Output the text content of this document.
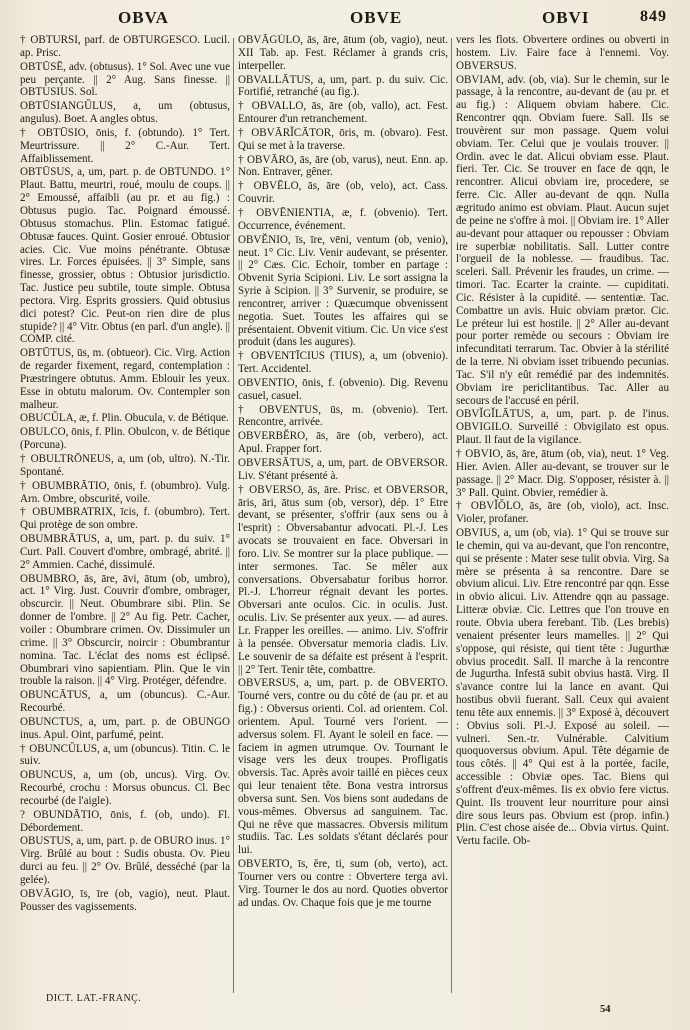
OBVA	OBVE	OBVI	849
† OBTURSI, parf. de OBTURGESCO. Lucil. ap. Prisc.
OBTŪSĒ, adv. (obtusus). 1° Sol. Avec une vue peu perçante. || 2° Aug. Sans finesse. || OBTUSIUS. Sol.
OBTŪSIANGŬLUS, a, um (obtusus, angulus). Boet. A angles obtus.
† OBTŪSIO, ōnis, f. (obtundo). 1° Tert. Meurtrissure. || 2° C.-Aur. Tert. Affaiblissement.
OBTŪSUS, a, um, part. p. de OBTUNDO. 1° Plaut. Battu, meurtri, roué, moulu de coups. || 2° Emoussé, affaibli (au pr. et au fig.) : Obtusus pugio. Tac. Poignard émoussé. Obtusus stomachus. Plin. Estomac fatigué. Obtusæ fauces. Quint. Gosier enroué. Obtusior acies. Cic. Vue moins pénétrante. Obtusæ vires. Lr. Forces épuisées. || 3° Simple, sans finesse, grossier, obtus : Obtusior jurisdictio. Tac. Justice peu subtile, toute simple. Obtusa pectora. Virg. Esprits grossiers. Quid obtusius dici potest? Cic. Peut-on rien dire de plus stupide? || 4° Vitr. Obtus (en parl. d'un angle). || COMP. cité.
OBTŪTUS, ūs, m. (obtueor). Cic. Virg. Action de regarder fixement, regard, contemplation : Præstringere obtutus. Amm. Eblouir les yeux. Esse in obtutu malorum. Ov. Contempler son malheur.
OBUCŬLA, æ, f. Plin. Obucula, v. de Bétique.
OBULCO, ōnis, f. Plin. Obulcon, v. de Bétique (Porcuna).
† OBULTRŌNEUS, a, um (ob, ultro). N.-Tir. Spontané.
† OBUMBRĀTIO, ōnis, f. (obumbro). Vulg. Arn. Ombre, obscurité, voile.
† OBUMBRATRIX, īcis, f. (obumbro). Tert. Qui protège de son ombre.
OBUMBRĀTUS, a, um, part. p. du suiv. 1° Curt. Pall. Couvert d'ombre, ombragé, abrité. || 2° Ammien. Caché, dissimulé.
OBUMBRO, ās, āre, āvi, ātum (ob, umbro), act. 1° Virg. Just. Couvrir d'ombre, ombrager, obscurcir. || Neut. Obumbrare sibi. Plin. Se donner de l'ombre. || 2° Au fig. Petr. Cacher, voiler : Obumbrare crimen. Ov. Dissimuler un crime. || 3° Obscurcir, noircir : Obumbrantur nomina. Tac. L'éclat des noms est éclipsé. Obumbrari vino sapientiam. Plin. Que le vin trouble la raison. || 4° Virg. Protéger, défendre.
OBUNCĀTUS, a, um (obuncus). C.-Aur. Recourbé.
OBUNCTUS, a, um, part. p. de OBUNGO inus. Apul. Oint, parfumé, peint.
† OBUNCŬLUS, a, um (obuncus). Titin. C. le suiv.
OBUNCUS, a, um (ob, uncus). Virg. Ov. Recourbé, crochu : Morsus obuncus. Cl. Bec recourbé (de l'aigle).
? OBUNDĀTIO, ōnis, f. (ob, undo). Fl. Débordement.
OBUSTUS, a, um, part. p. de OBURO inus. 1° Virg. Brûlé au bout : Sudis obusta. Ov. Pieu durci au feu. || 2° Ov. Brûlé, desséché (par la gelée).
OBVĀGIO, īs, īre (ob, vagio), neut. Plaut. Pousser des vagissements.
OBVĀGŬLO, ās, āre, ātum (ob, vagio), neut. XII Tab. ap. Fest. Réclamer à grands cris, interpeller.
OBVALLĀTUS, a, um, part. p. du suiv. Cic. Fortifié, retranché (au fig.).
† OBVALLO, ās, āre (ob, vallo), act. Fest. Entourer d'un retranchement.
† OBVĀRĬCĀTOR, ōris, m. (obvaro). Fest. Qui se met à la traverse.
† OBVĀRO, ās, āre (ob, varus), neut. Enn. ap. Non. Entraver, gêner.
† OBVĒLO, ās, āre (ob, velo), act. Cass. Couvrir.
† OBVĒNIENTIA, æ, f. (obvenio). Tert. Occurrence, événement.
OBVĔNIO, īs, īre, vēni, ventum (ob, venio), neut. 1° Cic. Liv. Venir audevant, se présenter. || 2° Cæs. Cic. Echoir, tomber en partage : Obvenit Syria Scipioni. Liv. Le sort assigna la Syrie à Scipion. || 3° Survenir, se produire, se rencontrer, arriver : Quæcumque obvenissent negotia. Suet. Toutes les affaires qui se présentaient. Obvenit vitium. Cic. Un vice s'est produit (dans les augures).
† OBVENTĪCIUS (TIUS), a, um (obvenio). Tert. Accidentel.
OBVENTIO, ōnis, f. (obvenio). Dig. Revenu casuel, casuel.
† OBVENTUS, ūs, m. (obvenio). Tert. Rencontre, arrivée.
OBVERBĔRO, ās, āre (ob, verbero), act. Apul. Frapper fort.
OBVERSĀTUS, a, um, part. de OBVERSOR. Liv. S'étant présenté à.
† OBVERSO, ās, āre. Prisc. et OBVERSOR, āris, āri, ātus sum (ob, versor), dép. 1° Etre devant, se présenter, s'offrir (aux sens ou à l'esprit) : Obversabantur advocati. Pl.-J. Les avocats se trouvaient en face. Obversari in foro. Liv. Se montrer sur la place publique. — inter sermones. Tac. Se mêler aux conversations. Obversabatur foribus horror. Pl.-J. L'horreur régnait devant les portes. Obversari ante oculos. Cic. in oculis. Just. oculis. Liv. Se présenter aux yeux. — ad aures. Lr. Frapper les oreilles. — animo. Liv. S'offrir à la pensée. Obversatur memoria cladis. Liv. Le souvenir de sa défaite est présent à l'esprit. || 2° Tert. Tenir tête, combattre.
OBVERSUS, a, um, part. p. de OBVERTO. Tourné vers, contre ou du côté de (au pr. et au fig.) : Obversus orienti. Col. ad orientem. Col. orientem. Apul. Tourné vers l'orient. — adversus solem. Fl. Ayant le soleil en face. — faciem in agmen utrumque. Ov. Tournant le visage vers les deux troupes. Profligatis obversis. Tac. Après avoir taillé en pièces ceux qui leur tenaient tête. Bona vestra introrsus obversa sunt. Sen. Vos biens sont audedans de vous-mêmes. Obversus ad sanguinem. Tac. Qui ne rêve que massacres. Obversis militum studiis. Tac. Les soldats s'étant déclarés pour lui.
OBVERTO, īs, ĕre, ti, sum (ob, verto), act. Tourner vers ou contre : Obvertere terga avi. Virg. Tourner le dos au nord. Quoties obvertor ad undas. Ov. Chaque fois que je me tourne
vers les flots. Obvertere ordines ou obverti in hostem. Liv. Faire face à l'ennemi. Voy. OBVERSUS.
OBVIAM, adv. (ob, via). Sur le chemin, sur le passage, à la rencontre, au-devant de (au pr. et au fig.) : Aliquem obviam habere. Cic. Rencontrer qqn. Obviam fuere. Sall. Ils se trouvèrent sur mon passage. Quem volui obviam. Ter. Celui que je voulais trouver. || Ordin. avec le dat. Alicui obviam esse. Plaut. fieri. Ter. Cic. Se trouver en face de qqn, le rencontrer. Alicui obviam ire, procedere, se ferre. Cic. Aller au-devant de qqn. Nulla ægritudo animo est obviam. Plaut. Aucun sujet de peine ne s'offre à moi. || Obviam ire. 1° Aller au-devant pour attaquer ou repousser : Obviam ire superbiæ nobilitatis. Sall. Lutter contre l'orgueil de la noblesse. — fraudibus. Tac. sceleri. Sall. Prévenir les fraudes, un crime. — timori. Tac. Ecarter la crainte. — cupiditati. Cic. Résister à la cupidité. — sententiæ. Tac. Combattre un avis. Huic obviam prætor. Cic. Le préteur lui est hostile. || 2° Aller au-devant pour porter remède ou secours : Obviam ire infecunditati terrarum. Tac. Obvier à la stérilité de la terre. Ni obviam isset tribuendo pecunias. Tac. S'il n'y eût remédié par des indemnités. Obviam ire periclitantibus. Tac. Aller au secours de l'accusé en péril.
OBVĬGĬLĀTUS, a, um, part. p. de l'inus. OBVIGILO. Surveillé : Obvigilato est opus. Plaut. Il faut de la vigilance.
† OBVIO, ās, āre, ātum (ob, via), neut. 1° Veg. Hier. Avien. Aller au-devant, se trouver sur le passage. || 2° Macr. Dig. S'opposer, résister à. || 3° Pall. Quint. Obvier, remédier à.
† OBVĬŎLO, ās, āre (ob, violo), act. Insc. Violer, profaner.
OBVIUS, a, um (ob, via). 1° Qui se trouve sur le chemin, qui va au-devant, que l'on rencontre, qui se présente : Mater sese tulit obvia. Virg. Sa mère se présenta à sa rencontre. Dare se obvium alicui. Liv. Etre rencontré par qqn. Esse in obvio alicui. Liv. Attendre qqn au passage. Litteræ obviæ. Cic. Lettres que l'on trouve en route. Obvia ubera ferebant. Tib. (Les brebis) venaient présenter leurs mamelles. || 2° Qui s'oppose, qui résiste, qui tient tête : Jugurthæ obvius procedit. Sall. Il marche à la rencontre de Jugurtha. Infestā subit obvius hastā. Virg. Il s'avance contre lui la lance en avant. Qui hostibus obvii fuerant. Sall. Ceux qui avaient tenu tête aux ennemis. || 3° Exposé à, découvert : Obvius soli. Pl.-J. Exposé au soleil. — vulneri. Sen.-tr. Vulnérable. Calvitium quoquoversus obvium. Apul. Tête dégarnie de tous côtés. || 4° Qui est à la portée, facile, accessible : Obviæ opes. Tac. Biens qui s'offrent d'eux-mêmes. Iis ex obvio fere victus. Quint. Ils trouvent leur nourriture pour ainsi dire sous leurs pas. Obvium est (prop. infin.) Plin. C'est chose aisée de... Obvia virtus. Quint. Vertu facile. Ob-
DICT. LAT.-FRANÇ.
54
